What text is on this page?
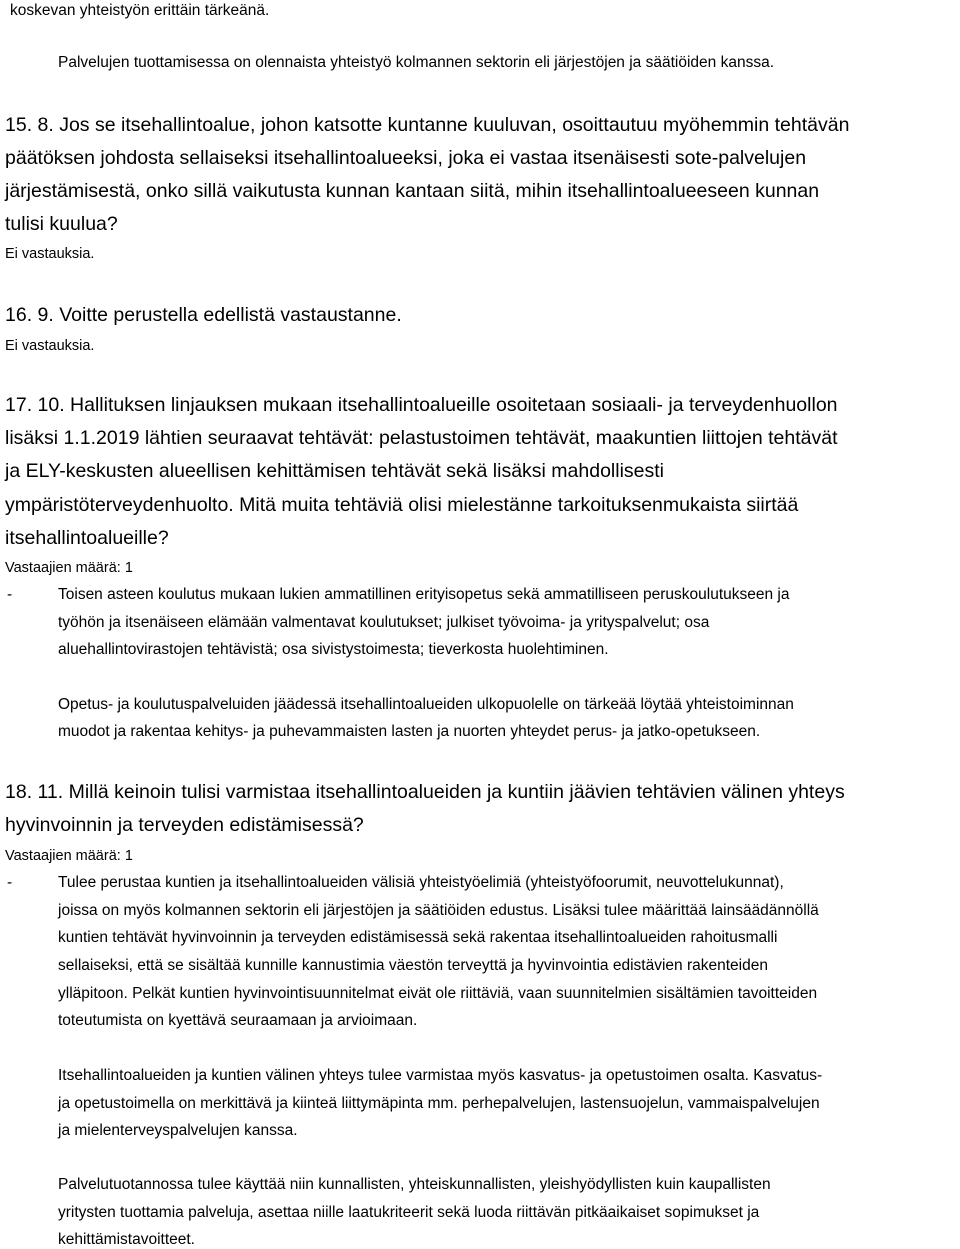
koskevan yhteistyön erittäin tärkeänä.
Palvelujen tuottamisessa on olennaista yhteistyö kolmannen sektorin eli järjestöjen ja säätiöiden kanssa.
15. 8. Jos se itsehallintoalue, johon katsotte kuntanne kuuluvan, osoittautuu myöhemmin tehtävän
päätöksen johdosta sellaiseksi itsehallintoalueeksi, joka ei vastaa itsenäisesti sote-palvelujen
järjestämisestä, onko sillä vaikutusta kunnan kantaan siitä, mihin itsehallintoalueeseen kunnan
tulisi kuulua?
Ei vastauksia.
16. 9. Voitte perustella edellistä vastaustanne.
Ei vastauksia.
17. 10. Hallituksen linjauksen mukaan itsehallintoalueille osoitetaan sosiaali- ja terveydenhuollon
lisäksi 1.1.2019 lähtien seuraavat tehtävät: pelastustoimen tehtävät, maakuntien liittojen tehtävät
ja ELY-keskusten alueellisen kehittämisen tehtävät sekä lisäksi mahdollisesti
ympäristöterveydenhuolto. Mitä muita tehtäviä olisi mielestänne tarkoituksenmukaista siirtää
itsehallintoalueille?
Vastaajien määrä: 1
-	Toisen asteen koulutus mukaan lukien ammatillinen erityisopetus sekä ammatilliseen peruskoulutukseen ja
työhön ja itsenäiseen elämään valmentavat koulutukset; julkiset työvoima- ja yrityspalvelut; osa
aluehallintovirastojen tehtävistä; osa sivistystoimesta; tieverkosta huolehtiminen.
Opetus- ja koulutuspalveluiden jäädessä itsehallintoalueiden ulkopuolelle on tärkeää löytää yhteistoiminnan
muodot ja rakentaa kehitys- ja puhevammaisten lasten ja nuorten yhteydet perus- ja jatko-opetukseen.
18. 11. Millä keinoin tulisi varmistaa itsehallintoalueiden ja kuntiin jäävien tehtävien välinen yhteys
hyvinvoinnin ja terveyden edistämisessä?
Vastaajien määrä: 1
-	Tulee perustaa kuntien ja itsehallintoalueiden välisiä yhteistyöelimiä (yhteistyöfoorumit, neuvottelukunnat),
joissa on myös kolmannen sektorin eli järjestöjen ja säätiöiden edustus. Lisäksi tulee määrittää lainsäädännöllä
kuntien tehtävät hyvinvoinnin ja terveyden edistämisessä sekä rakentaa itsehallintoalueiden rahoitusmalli
sellaiseksi, että se sisältää kunnille kannustimia väestön terveyttä ja hyvinvointia edistävien rakenteiden
ylläpitoon. Pelkät kuntien hyvinvointisuunnitelmat eivät ole riittäviä, vaan suunnitelmien sisältämien tavoitteiden
toteutumista on kyettävä seuraamaan ja arvioimaan.
Itsehallintoalueiden ja kuntien välinen yhteys tulee varmistaa myös kasvatus- ja opetustoimen osalta. Kasvatus-
ja opetustoimella on merkittävä ja kiinteä liittymäpinta mm. perhepalvelujen, lastensuojelun, vammaispalvelujen
ja mielenterveyspalvelujen kanssa.
Palvelutuotannossa tulee käyttää niin kunnallisten, yhteiskunnallisten, yleishyödyllisten kuin kaupallisten
yritysten tuottamia palveluja, asettaa niille laatukriteerit sekä luoda riittävän pitkäaikaiset sopimukset ja
kehittämistavoitteet.
